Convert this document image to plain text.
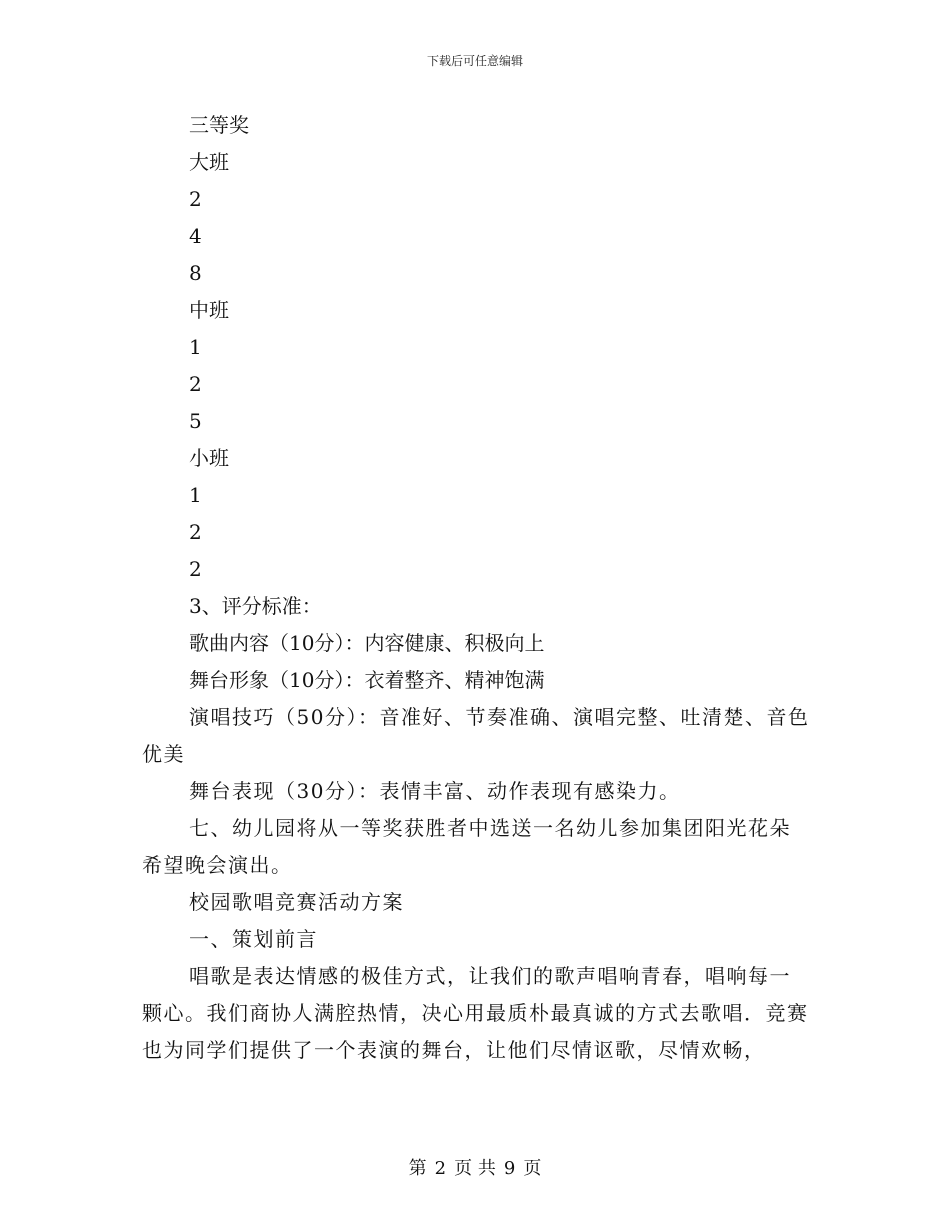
下载后可任意编辑
三等奖
大班
2
4
8
中班
1
2
5
小班
1
2
2
3、评分标准：
歌曲内容（10分）：内容健康、积极向上
舞台形象（10分）：衣着整齐、精神饱满
演唱技巧（50分）：音准好、节奏准确、演唱完整、吐清楚、音色优美
舞台表现（30分）：表情丰富、动作表现有感染力。
七、幼儿园将从一等奖获胜者中选送一名幼儿参加集团阳光花朵希望晚会演出。
校园歌唱竞赛活动方案
一、策划前言
唱歌是表达情感的极佳方式，让我们的歌声唱响青春，唱响每一颗心。我们商协人满腔热情，决心用最质朴最真诚的方式去歌唱．竞赛也为同学们提供了一个表演的舞台，让他们尽情讴歌，尽情欢畅，
第 2 页 共 9 页
